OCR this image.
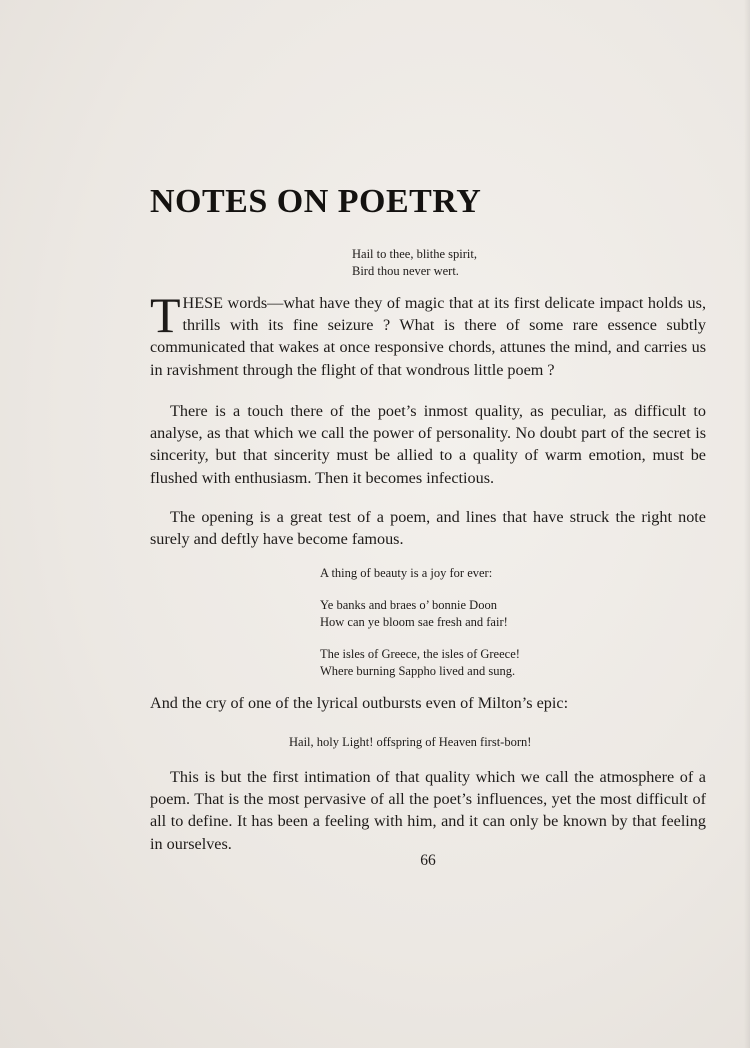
NOTES ON POETRY
Hail to thee, blithe spirit,
Bird thou never wert.

THESE words—what have they of magic that at its first delicate impact holds us, thrills with its fine seizure ? What is there of some rare essence subtly communicated that wakes at once responsive chords, attunes the mind, and carries us in ravishment through the flight of that wondrous little poem ?

There is a touch there of the poet’s inmost quality, as peculiar, as difficult to analyse, as that which we call the power of personality. No doubt part of the secret is sincerity, but that sincerity must be allied to a quality of warm emotion, must be flushed with enthusiasm. Then it becomes infectious.

The opening is a great test of a poem, and lines that have struck the right note surely and deftly have become famous.

A thing of beauty is a joy for ever:
Ye banks and braes o’ bonnie Doon
How can ye bloom sae fresh and fair!
The isles of Greece, the isles of Greece!
Where burning Sappho lived and sung.

And the cry of one of the lyrical outbursts even of Milton’s epic:

Hail, holy Light! offspring of Heaven first-born!

This is but the first intimation of that quality which we call the atmosphere of a poem. That is the most pervasive of all the poet’s influences, yet the most difficult of all to define. It has been a feeling with him, and it can only be known by that feeling in ourselves.

66
